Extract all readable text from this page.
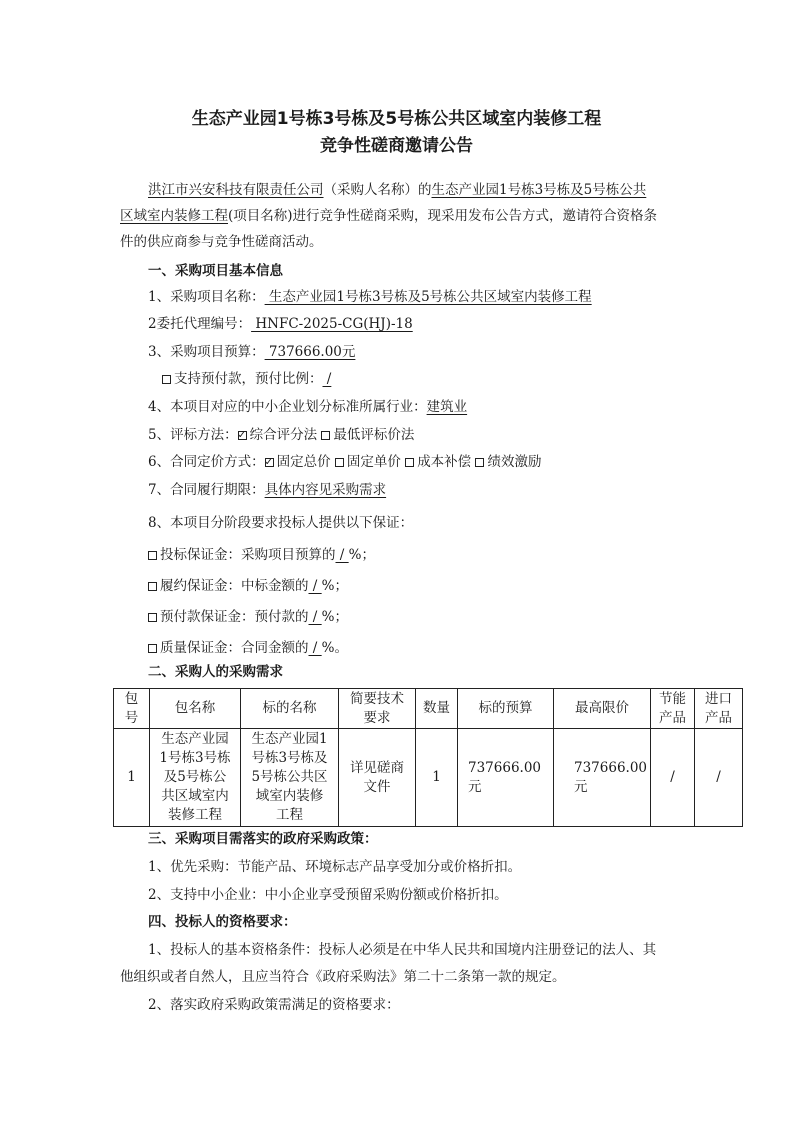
生态产业园1号栋3号栋及5号栋公共区域室内装修工程
竞争性磋商邀请公告
洪江市兴安科技有限责任公司（采购人名称）的生态产业园1号栋3号栋及5号栋公共
区域室内装修工程(项目名称)进行竞争性磋商采购，现采用发布公告方式，邀请符合资格条
件的供应商参与竞争性磋商活动。
一、采购项目基本信息
1、采购项目名称： 生态产业园1号栋3号栋及5号栋公共区域室内装修工程
2委托代理编号： HNFC-2025-CG(HJ)-18
3、采购项目预算： 737666.00元
支持预付款，预付比例： /
4、本项目对应的中小企业划分标准所属行业：建筑业
5、评标方法： ✓ 综合评分法 最低评标价法
6、合同定价方式： ✓ 固定总价 固定单价 成本补偿 绩效激励
7、合同履行期限：具体内容见采购需求
8、本项目分阶段要求投标人提供以下保证：
投标保证金：采购项目预算的 / %；
履约保证金：中标金额的 / %；
预付款保证金：预付款的 / %；
质量保证金：合同金额的 / %。
二、采购人的采购需求
包
号	包名称	标的名称	简要技术
要求	数量	标的预算	最高限价	节能
产品	进口
产品

1	生态产业园
1号栋3号栋
及5号栋公
共区域室内
装修工程	生态产业园1
号栋3号栋及
5号栋公共区
域室内装修
工程	详见磋商
文件	1	737666.00
元	737666.00
元	/	/
三、采购项目需落实的政府采购政策：
1、优先采购：节能产品、环境标志产品享受加分或价格折扣。
2、支持中小企业：中小企业享受预留采购份额或价格折扣。
四、投标人的资格要求：
1、投标人的基本资格条件：投标人必须是在中华人民共和国境内注册登记的法人、其
他组织或者自然人，且应当符合《政府采购法》第二十二条第一款的规定。
2、落实政府采购政策需满足的资格要求：
